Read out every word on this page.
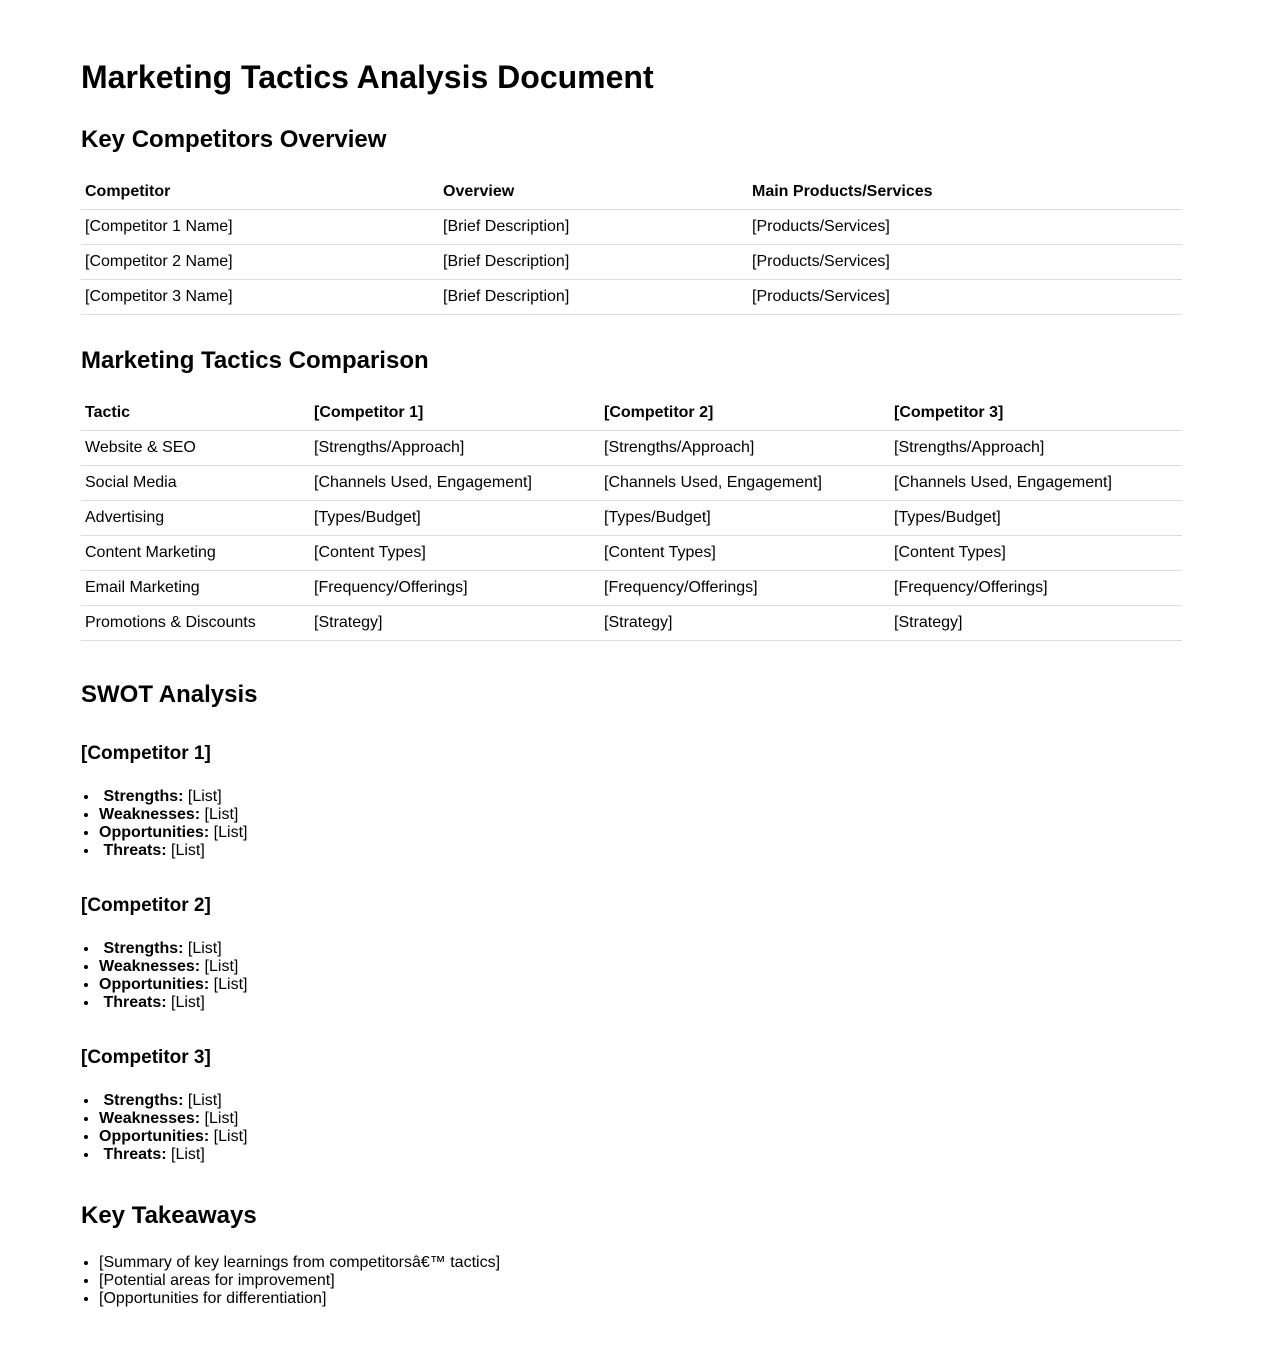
Marketing Tactics Analysis Document
Key Competitors Overview
Competitor	Overview	Main Products/Services
[Competitor 1 Name]	[Brief Description]	[Products/Services]
[Competitor 2 Name]	[Brief Description]	[Products/Services]
[Competitor 3 Name]	[Brief Description]	[Products/Services]
Marketing Tactics Comparison
Tactic	[Competitor 1]	[Competitor 2]	[Competitor 3]
Website & SEO	[Strengths/Approach]	[Strengths/Approach]	[Strengths/Approach]
Social Media	[Channels Used, Engagement]	[Channels Used, Engagement]	[Channels Used, Engagement]
Advertising	[Types/Budget]	[Types/Budget]	[Types/Budget]
Content Marketing	[Content Types]	[Content Types]	[Content Types]
Email Marketing	[Frequency/Offerings]	[Frequency/Offerings]	[Frequency/Offerings]
Promotions & Discounts	[Strategy]	[Strategy]	[Strategy]
SWOT Analysis
[Competitor 1]
• Strengths: [List]
• Weaknesses: [List]
• Opportunities: [List]
• Threats: [List]
[Competitor 2]
• Strengths: [List]
• Weaknesses: [List]
• Opportunities: [List]
• Threats: [List]
[Competitor 3]
• Strengths: [List]
• Weaknesses: [List]
• Opportunities: [List]
• Threats: [List]
Key Takeaways
• [Summary of key learnings from competitorsâ€™ tactics]
• [Potential areas for improvement]
• [Opportunities for differentiation]
